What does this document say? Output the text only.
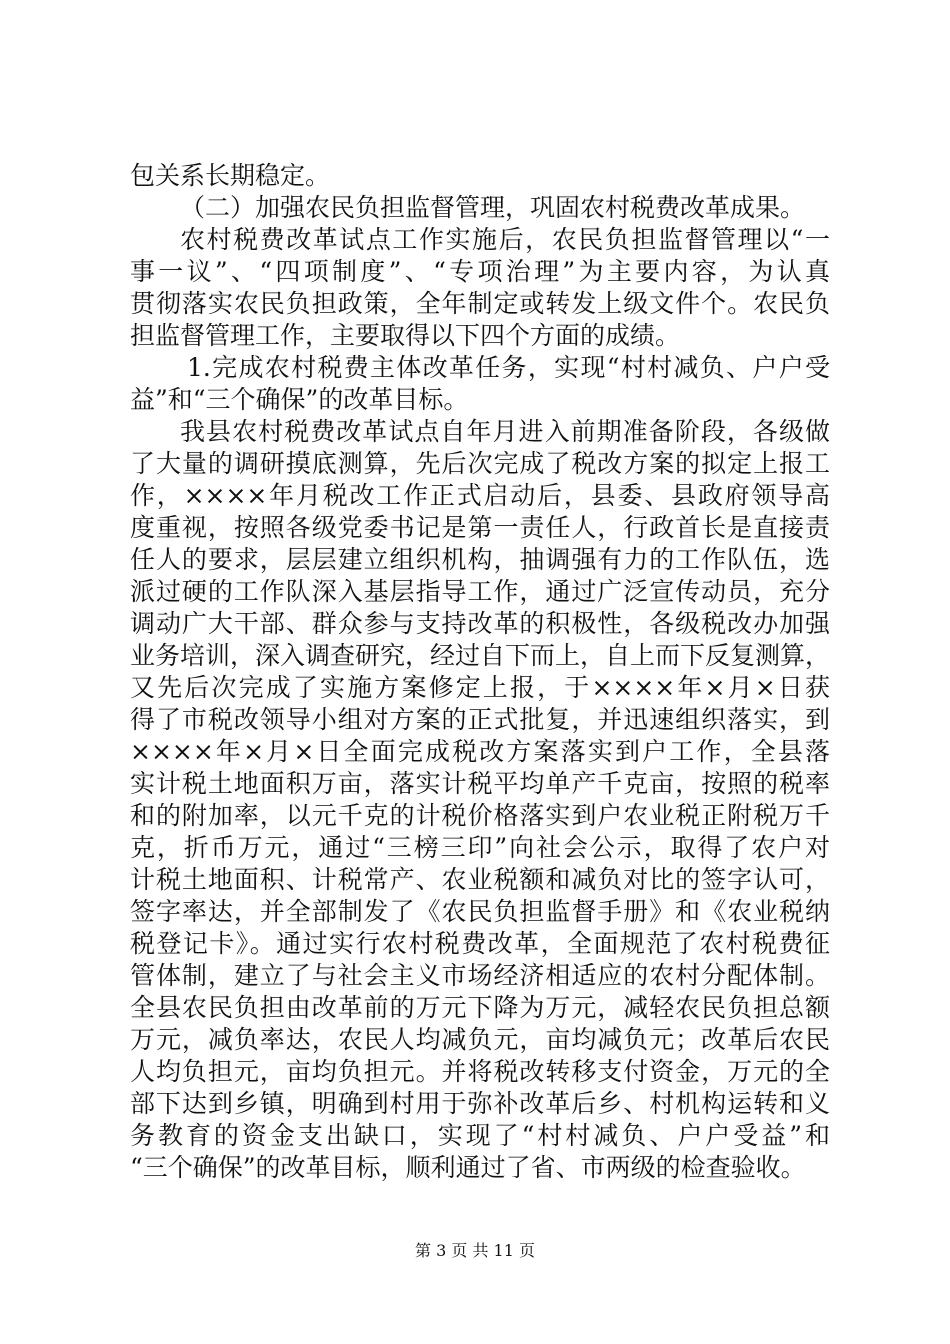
包关系长期稳定。
（二）加强农民负担监督管理，巩固农村税费改革成果。
农村税费改革试点工作实施后，农民负担监督管理以“一
事一议”、“四项制度”、“专项治理”为主要内容，为认真
贯彻落实农民负担政策，全年制定或转发上级文件个。农民负
担监督管理工作，主要取得以下四个方面的成绩。
1.完成农村税费主体改革任务，实现“村村减负、户户受
益”和“三个确保”的改革目标。
我县农村税费改革试点自年月进入前期准备阶段，各级做
了大量的调研摸底测算，先后次完成了税改方案的拟定上报工
作，××××年月税改工作正式启动后，县委、县政府领导高
度重视，按照各级党委书记是第一责任人，行政首长是直接责
任人的要求，层层建立组织机构，抽调强有力的工作队伍，选
派过硬的工作队深入基层指导工作，通过广泛宣传动员，充分
调动广大干部、群众参与支持改革的积极性，各级税改办加强
业务培训，深入调查研究，经过自下而上，自上而下反复测算，
又先后次完成了实施方案修定上报，于××××年×月×日获
得了市税改领导小组对方案的正式批复，并迅速组织落实，到
××××年×月×日全面完成税改方案落实到户工作，全县落
实计税土地面积万亩，落实计税平均单产千克亩，按照的税率
和的附加率，以元千克的计税价格落实到户农业税正附税万千
克，折币万元，通过“三榜三印”向社会公示，取得了农户对
计税土地面积、计税常产、农业税额和减负对比的签字认可，
签字率达，并全部制发了《农民负担监督手册》和《农业税纳
税登记卡》。通过实行农村税费改革，全面规范了农村税费征
管体制，建立了与社会主义市场经济相适应的农村分配体制。
全县农民负担由改革前的万元下降为万元，减轻农民负担总额
万元，减负率达，农民人均减负元，亩均减负元；改革后农民
人均负担元，亩均负担元。并将税改转移支付资金，万元的全
部下达到乡镇，明确到村用于弥补改革后乡、村机构运转和义
务教育的资金支出缺口，实现了“村村减负、户户受益”和
“三个确保”的改革目标，顺利通过了省、市两级的检查验收。
第 3 页 共 11 页
